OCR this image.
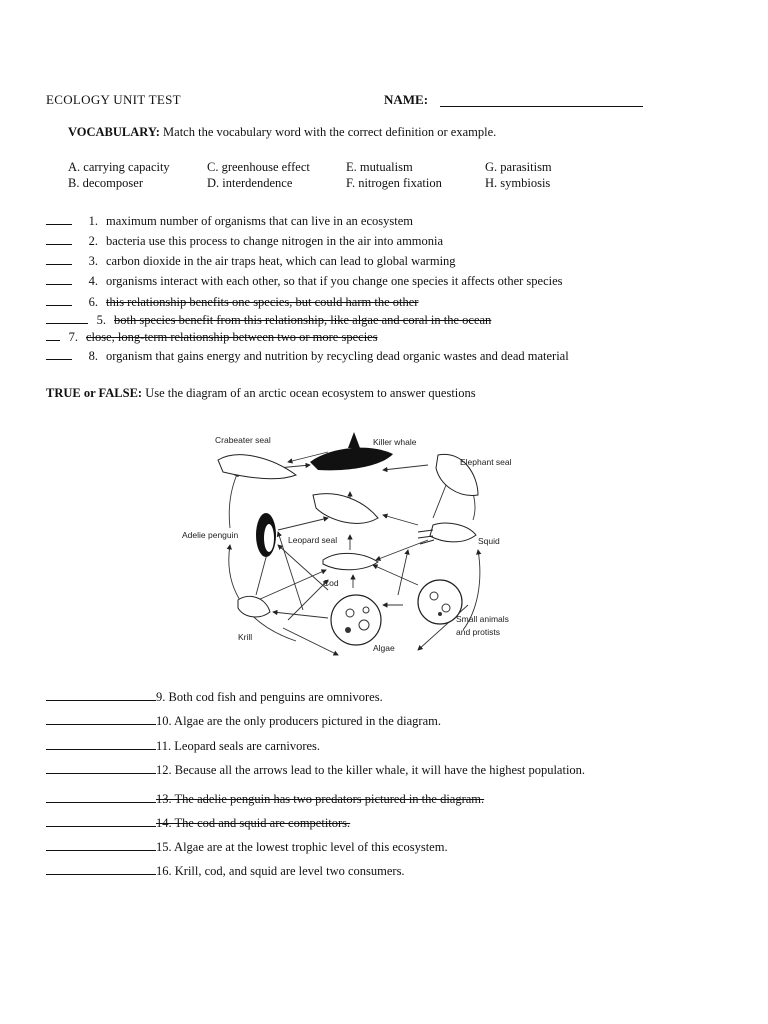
ECOLOGY UNIT TEST	NAME:
VOCABULARY: Match the vocabulary word with the correct definition or example.
A. carrying capacity	C. greenhouse effect	E. mutualism	G. parasitism
B. decomposer	D. interdendence	F. nitrogen fixation	H. symbiosis
1. maximum number of organisms that can live in an ecosystem
2. bacteria use this process to change nitrogen in the air into ammonia
3. carbon dioxide in the air traps heat, which can lead to global warming
4. organisms interact with each other, so that if you change one species it affects other species
6. this relationship benefits one species, but could harm the other
5. both species benefit from this relationship, like algae and coral in the ocean
7. close, long-term relationship between two or more species
8. organism that gains energy and nutrition by recycling dead organic wastes and dead material
TRUE or FALSE: Use the diagram of an arctic ocean ecosystem to answer questions
Crabeater seal	Killer whale
Elephant seal
Adelie penguin	Leopard seal	Squid
Cod
Small animals
and protists
Krill
Algae
9. Both cod fish and penguins are omnivores.
10. Algae are the only producers pictured in the diagram.
11. Leopard seals are carnivores.
12. Because all the arrows lead to the killer whale, it will have the highest population.
13. The adelie penguin has two predators pictured in the diagram.
14. The cod and squid are competitors.
15. Algae are at the lowest trophic level of this ecosystem.
16. Krill, cod, and squid are level two consumers.
